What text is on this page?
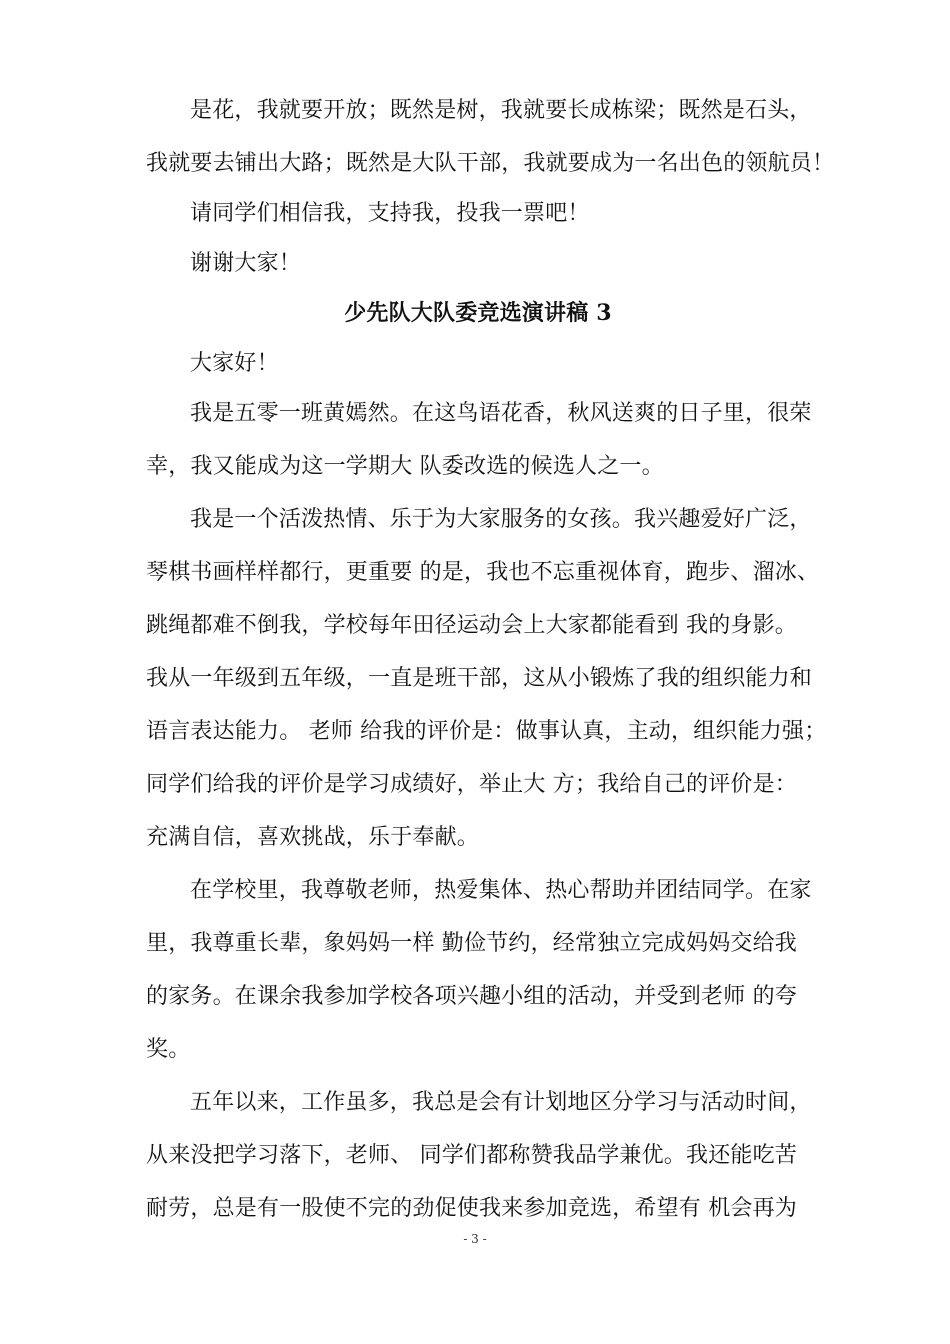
是花，我就要开放；既然是树，我就要长成栋梁；既然是石头，
我就要去铺出大路；既然是大队干部，我就要成为一名出色的领航员！
请同学们相信我，支持我，投我一票吧！
谢谢大家！
少先队大队委竞选演讲稿 3
大家好！
我是五零一班黄嫣然。在这鸟语花香，秋风送爽的日子里，很荣
幸，我又能成为这一学期大 队委改选的候选人之一。
我是一个活泼热情、乐于为大家服务的女孩。我兴趣爱好广泛，
琴棋书画样样都行，更重要 的是，我也不忘重视体育，跑步、溜冰、
跳绳都难不倒我，学校每年田径运动会上大家都能看到 我的身影。
我从一年级到五年级，一直是班干部，这从小锻炼了我的组织能力和
语言表达能力。 老师 给我的评价是：做事认真，主动，组织能力强；
同学们给我的评价是学习成绩好，举止大 方；我给自己的评价是：
充满自信，喜欢挑战，乐于奉献。
在学校里，我尊敬老师，热爱集体、热心帮助并团结同学。在家
里，我尊重长辈，象妈妈一样 勤俭节约，经常独立完成妈妈交给我
的家务。在课余我参加学校各项兴趣小组的活动，并受到老师 的夸
奖。
五年以来，工作虽多，我总是会有计划地区分学习与活动时间，
从来没把学习落下，老师、 同学们都称赞我品学兼优。我还能吃苦
耐劳，总是有一股使不完的劲促使我来参加竞选，希望有 机会再为
- 3 -
